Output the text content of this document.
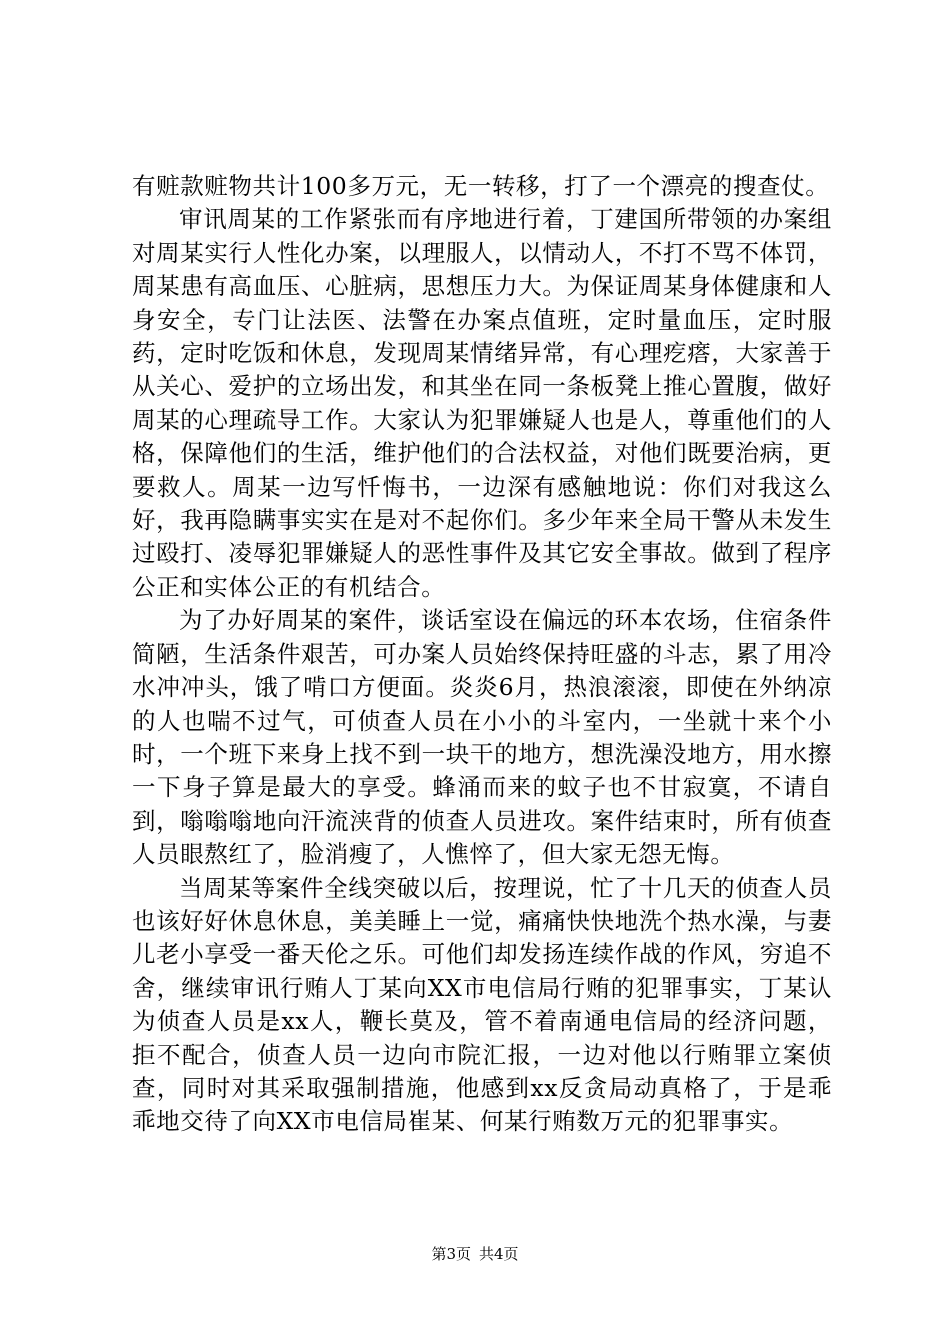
有赃款赃物共计100多万元，无一转移，打了一个漂亮的搜查仗。

审讯周某的工作紧张而有序地进行着，丁建国所带领的办案组对周某实行人性化办案，以理服人，以情动人，不打不骂不体罚，周某患有高血压、心脏病，思想压力大。为保证周某身体健康和人身安全，专门让法医、法警在办案点值班，定时量血压，定时服药，定时吃饭和休息，发现周某情绪异常，有心理疙瘩，大家善于从关心、爱护的立场出发，和其坐在同一条板凳上推心置腹，做好周某的心理疏导工作。大家认为犯罪嫌疑人也是人，尊重他们的人格，保障他们的生活，维护他们的合法权益，对他们既要治病，更要救人。周某一边写忏悔书，一边深有感触地说：你们对我这么好，我再隐瞒事实实在是对不起你们。多少年来全局干警从未发生过殴打、凌辱犯罪嫌疑人的恶性事件及其它安全事故。做到了程序公正和实体公正的有机结合。

为了办好周某的案件，谈话室设在偏远的环本农场，住宿条件简陋，生活条件艰苦，可办案人员始终保持旺盛的斗志，累了用冷水冲冲头，饿了啃口方便面。炎炎6月，热浪滚滚，即使在外纳凉的人也喘不过气，可侦查人员在小小的斗室内，一坐就十来个小时，一个班下来身上找不到一块干的地方，想洗澡没地方，用水擦一下身子算是最大的享受。蜂涌而来的蚊子也不甘寂寞，不请自到，嗡嗡嗡地向汗流浃背的侦查人员进攻。案件结束时，所有侦查人员眼熬红了，脸消瘦了，人憔悴了，但大家无怨无悔。

当周某等案件全线突破以后，按理说，忙了十几天的侦查人员也该好好休息休息，美美睡上一觉，痛痛快快地洗个热水澡，与妻儿老小享受一番天伦之乐。可他们却发扬连续作战的作风，穷追不舍，继续审讯行贿人丁某向XX市电信局行贿的犯罪事实，丁某认为侦查人员是xx人，鞭长莫及，管不着南通电信局的经济问题，拒不配合，侦查人员一边向市院汇报，一边对他以行贿罪立案侦查，同时对其采取强制措施，他感到xx反贪局动真格了，于是乖乖地交待了向XX市电信局崔某、何某行贿数万元的犯罪事实。

第3页 共4页
